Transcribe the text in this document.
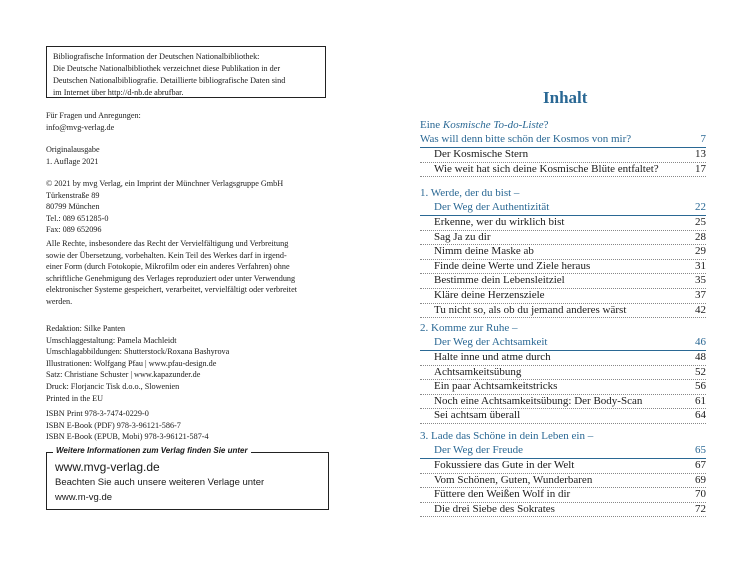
Bibliografische Information der Deutschen Nationalbibliothek:
Die Deutsche Nationalbibliothek verzeichnet diese Publikation in der
Deutschen Nationalbibliografie. Detaillierte bibliografische Daten sind
im Internet über http://d-nb.de abrufbar.
Für Fragen und Anregungen:
info@mvg-verlag.de
Originalausgabe
1. Auflage 2021
© 2021 by mvg Verlag, ein Imprint der Münchner Verlagsgruppe GmbH
Türkenstraße 89
80799 München
Tel.: 089 651285-0
Fax: 089 652096
Alle Rechte, insbesondere das Recht der Vervielfältigung und Verbreitung
sowie der Übersetzung, vorbehalten. Kein Teil des Werkes darf in irgend-
einer Form (durch Fotokopie, Mikrofilm oder ein anderes Verfahren) ohne
schriftliche Genehmigung des Verlages reproduziert oder unter Verwendung
elektronischer Systeme gespeichert, verarbeitet, vervielfältigt oder verbreitet
werden.
Redaktion: Silke Panten
Umschlaggestaltung: Pamela Machleidt
Umschlagabbildungen: Shutterstock/Roxana Bashyrova
Illustrationen: Wolfgang Pfau | www.pfau-design.de
Satz: Christiane Schuster | www.kapazunder.de
Druck: Florjancic Tisk d.o.o., Slowenien
Printed in the EU
ISBN Print 978-3-7474-0229-0
ISBN E-Book (PDF) 978-3-96121-586-7
ISBN E-Book (EPUB, Mobi) 978-3-96121-587-4
Weitere Informationen zum Verlag finden Sie unter
www.mvg-verlag.de
Beachten Sie auch unsere weiteren Verlage unter
www.m-vg.de
Inhalt
Eine Kosmische To-do-Liste?
Was will denn bitte schön der Kosmos von mir?	7
Der Kosmische Stern	13
Wie weit hat sich deine Kosmische Blüte entfaltet?	17
1. Werde, der du bist –
Der Weg der Authentizität	22
Erkenne, wer du wirklich bist	25
Sag Ja zu dir	28
Nimm deine Maske ab	29
Finde deine Werte und Ziele heraus	31
Bestimme dein Lebensleitziel	35
Kläre deine Herzensziele	37
Tu nicht so, als ob du jemand anderes wärst	42
2. Komme zur Ruhe –
Der Weg der Achtsamkeit	46
Halte inne und atme durch	48
Achtsamkeitsübung	52
Ein paar Achtsamkeitstricks	56
Noch eine Achtsamkeitsübung: Der Body-Scan	61
Sei achtsam überall	64
3. Lade das Schöne in dein Leben ein –
Der Weg der Freude	65
Fokussiere das Gute in der Welt	67
Vom Schönen, Guten, Wunderbaren	69
Füttere den Weißen Wolf in dir	70
Die drei Siebe des Sokrates	72
